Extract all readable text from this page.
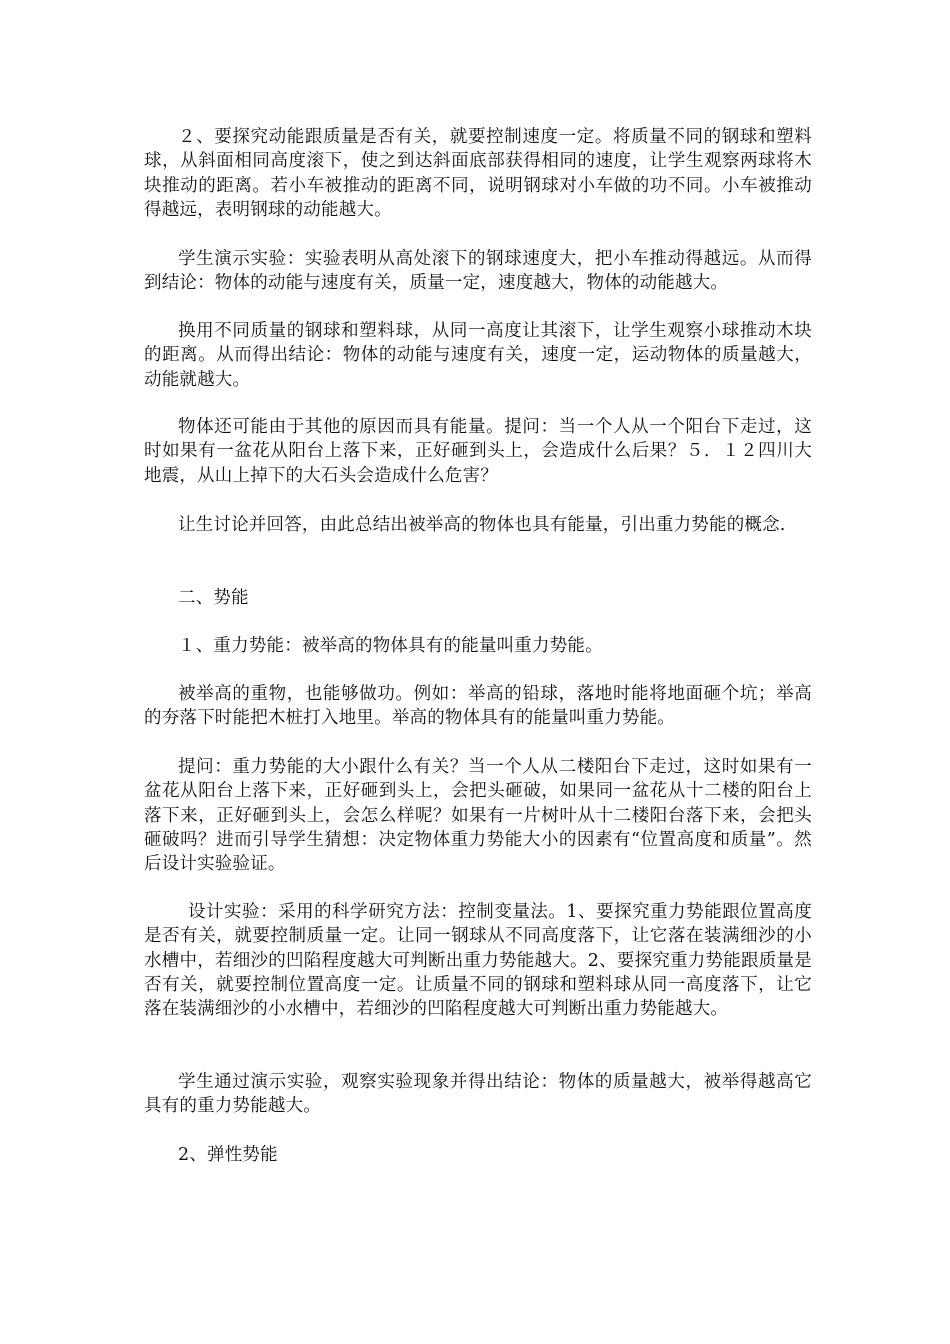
２、要探究动能跟质量是否有关，就要控制速度一定。将质量不同的钢球和塑料球，从斜面相同高度滚下，使之到达斜面底部获得相同的速度，让学生观察两球将木块推动的距离。若小车被推动的距离不同，说明钢球对小车做的功不同。小车被推动得越远，表明钢球的动能越大。

学生演示实验：实验表明从高处滚下的钢球速度大，把小车推动得越远。从而得到结论：物体的动能与速度有关，质量一定，速度越大，物体的动能越大。

换用不同质量的钢球和塑料球，从同一高度让其滚下，让学生观察小球推动木块的距离。从而得出结论：物体的动能与速度有关，速度一定，运动物体的质量越大，动能就越大。

物体还可能由于其他的原因而具有能量。提问：当一个人从一个阳台下走过，这时如果有一盆花从阳台上落下来，正好砸到头上，会造成什么后果？５．１２四川大地震，从山上掉下的大石头会造成什么危害？

让生讨论并回答，由此总结出被举高的物体也具有能量，引出重力势能的概念.

二、势能

１、重力势能：被举高的物体具有的能量叫重力势能。

被举高的重物，也能够做功。例如：举高的铅球，落地时能将地面砸个坑；举高的夯落下时能把木桩打入地里。举高的物体具有的能量叫重力势能。

提问：重力势能的大小跟什么有关？当一个人从二楼阳台下走过，这时如果有一盆花从阳台上落下来，正好砸到头上，会把头砸破，如果同一盆花从十二楼的阳台上落下来，正好砸到头上，会怎么样呢？如果有一片树叶从十二楼阳台落下来，会把头砸破吗？进而引导学生猜想：决定物体重力势能大小的因素有“位置高度和质量”。然后设计实验验证。

设计实验：采用的科学研究方法：控制变量法。1、要探究重力势能跟位置高度是否有关，就要控制质量一定。让同一钢球从不同高度落下，让它落在装满细沙的小水槽中，若细沙的凹陷程度越大可判断出重力势能越大。2、要探究重力势能跟质量是否有关，就要控制位置高度一定。让质量不同的钢球和塑料球从同一高度落下，让它落在装满细沙的小水槽中，若细沙的凹陷程度越大可判断出重力势能越大。

学生通过演示实验，观察实验现象并得出结论：物体的质量越大，被举得越高它具有的重力势能越大。

2、弹性势能
